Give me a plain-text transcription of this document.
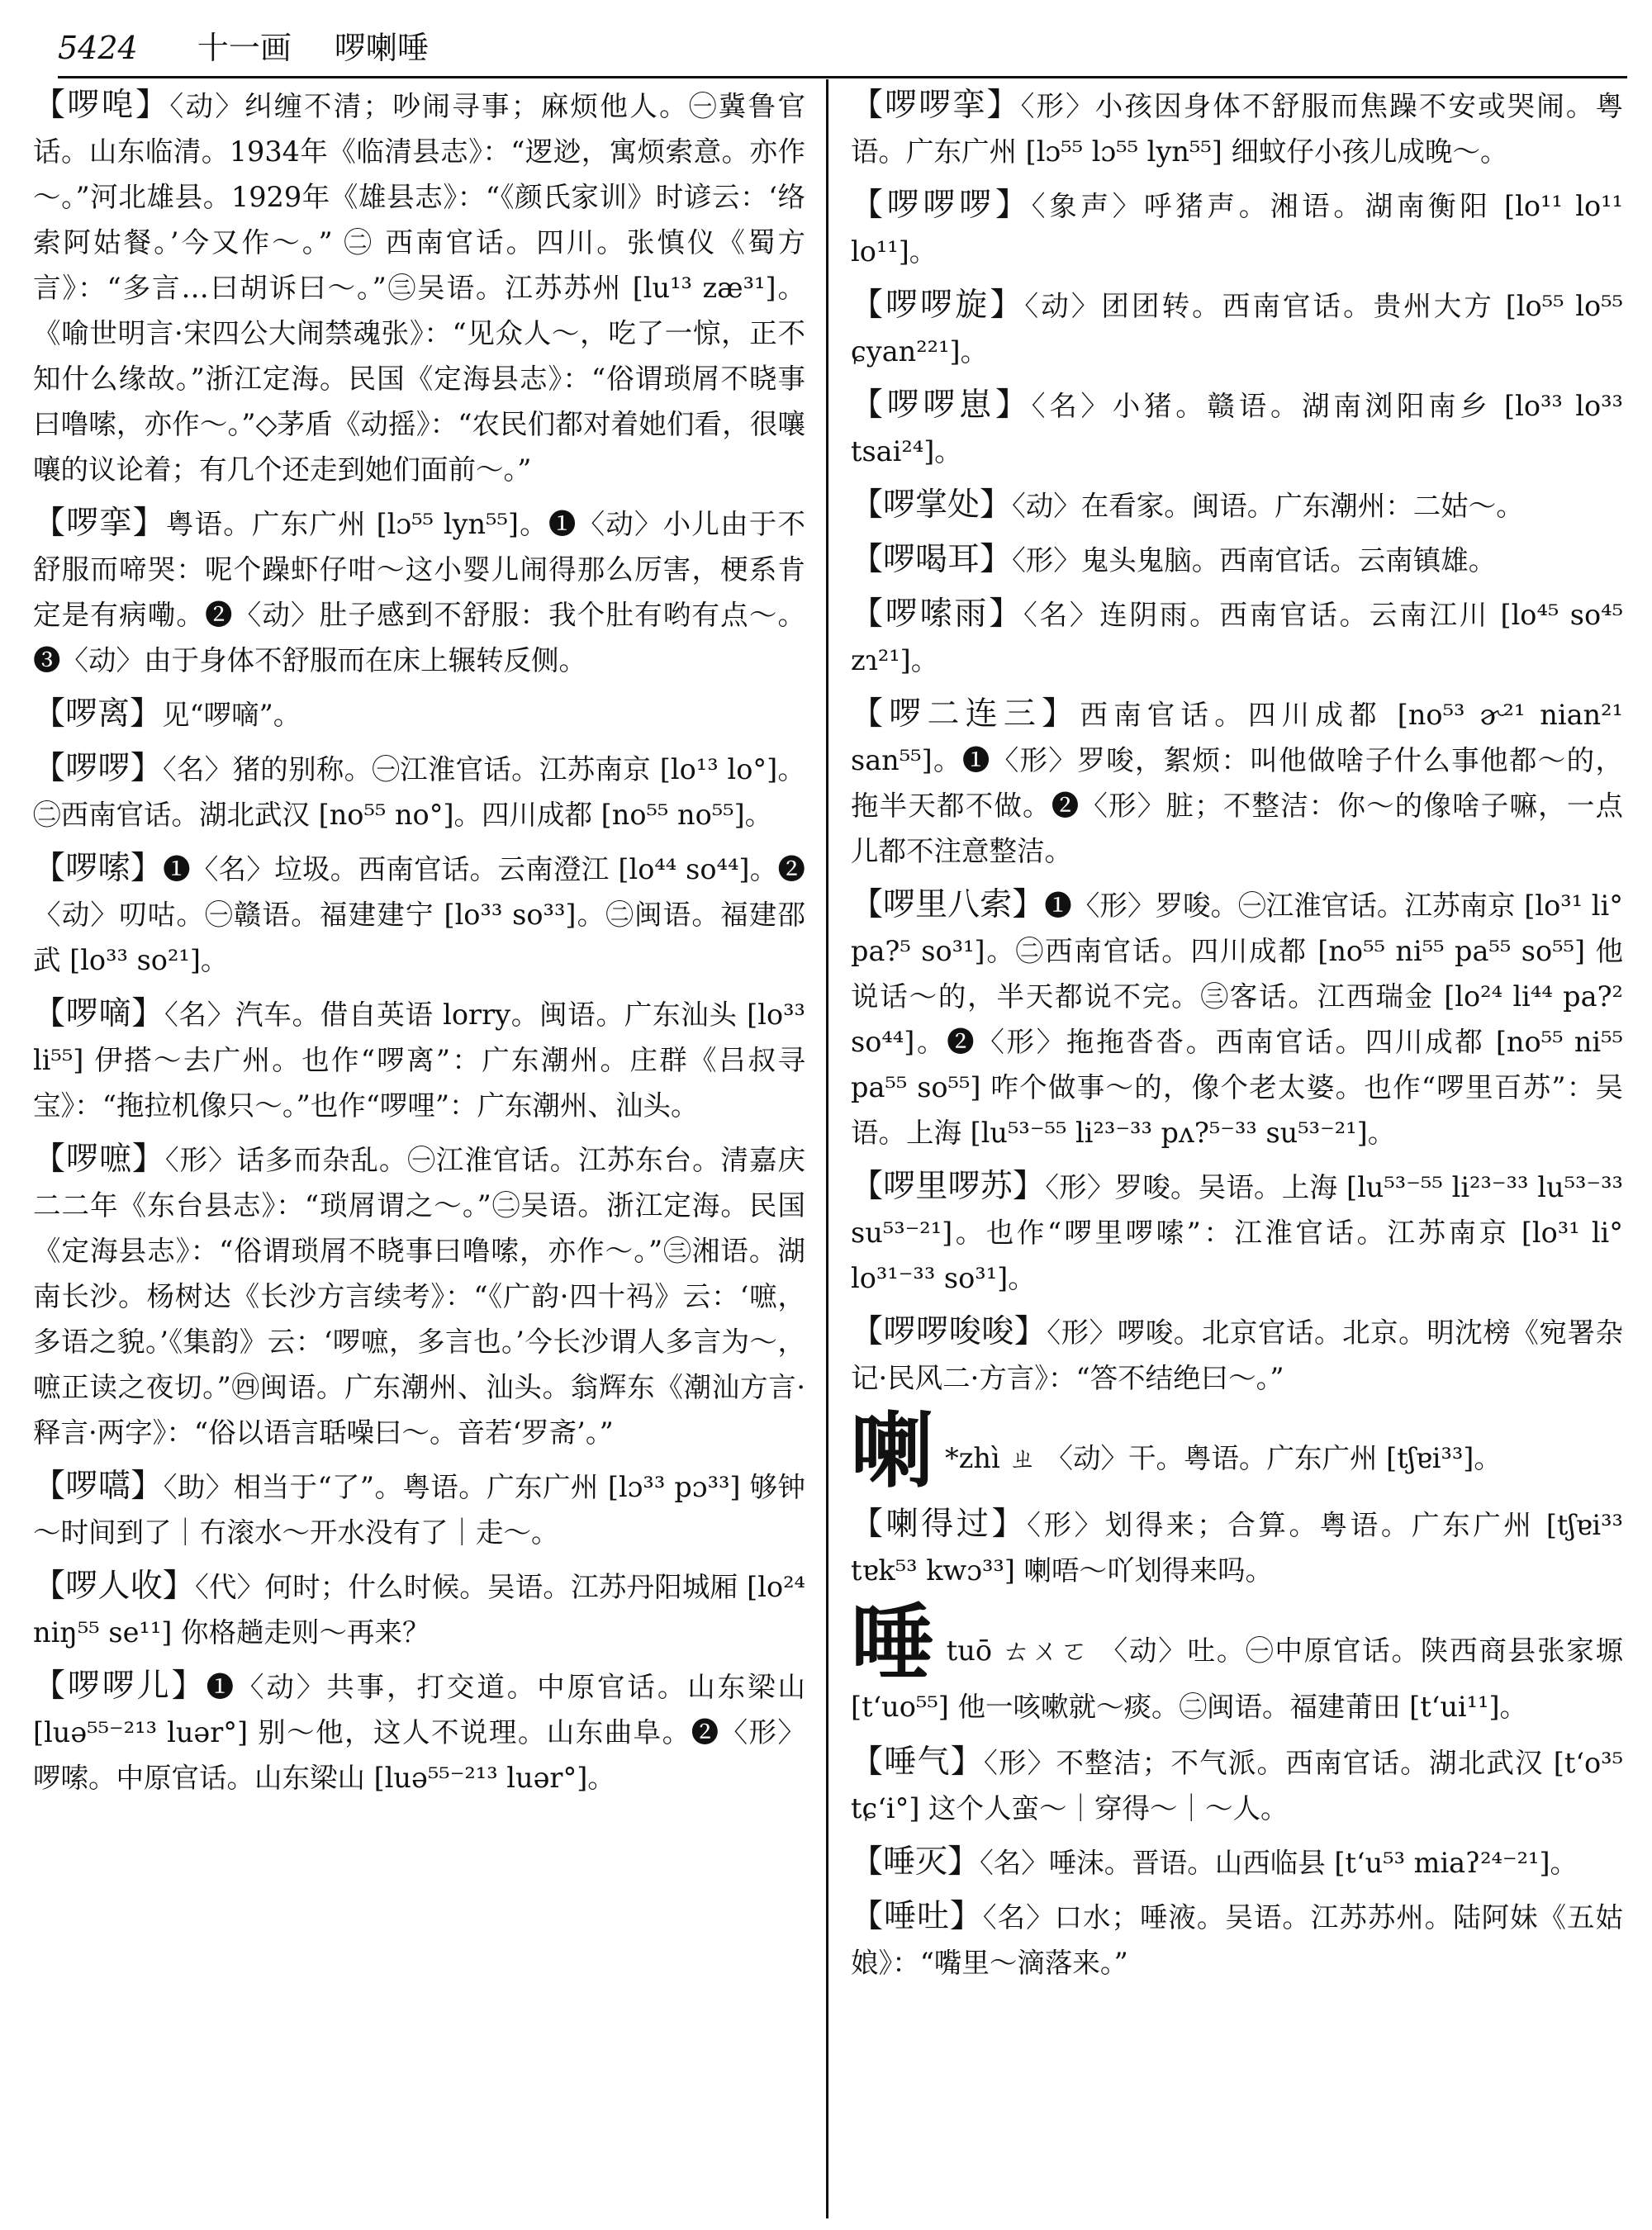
5424 十一画 啰喇唾
【啰唣】〈动〉纠缠不清；吵闹寻事；麻烦他人。㊀冀鲁官话。山东临清。1934年《临清县志》：“逻逤，寓烦索意。亦作～。”河北雄县。1929年《雄县志》：“《颜氏家训》时谚云：‘络索阿姑餐。’今又作～。” ㊁ 西南官话。四川。张慎仪《蜀方言》：“多言…曰胡诉曰～。”㊂吴语。江苏苏州 [lu¹³ zæ³¹]。《喻世明言·宋四公大闹禁魂张》：“见众人～，吃了一惊，正不知什么缘故。”浙江定海。民国《定海县志》：“俗谓琐屑不晓事曰噜嗦，亦作～。”◇茅盾《动摇》：“农民们都对着她们看，很嚷嚷的议论着；有几个还走到她们面前～。”
【啰挛】粤语。广东广州 [lɔ⁵⁵ lyn⁵⁵]。❶〈动〉小儿由于不舒服而啼哭：呢个躁虾仔咁～这小婴儿闹得那么厉害，梗系肯定是有病嘞。❷〈动〉肚子感到不舒服：我个肚有哟有点～。❸〈动〉由于身体不舒服而在床上辗转反侧。
【啰离】见“啰嘀”。
【啰啰】〈名〉猪的别称。㊀江淮官话。江苏南京 [lo¹³ lo°]。㊁西南官话。湖北武汉 [no⁵⁵ no°]。四川成都 [no⁵⁵ no⁵⁵]。
【啰嗦】❶〈名〉垃圾。西南官话。云南澄江 [lo⁴⁴ so⁴⁴]。❷〈动〉叨咕。㊀赣语。福建建宁 [lo³³ so³³]。㊁闽语。福建邵武 [lo³³ so²¹]。
【啰嘀】〈名〉汽车。借自英语 lorry。闽语。广东汕头 [lo³³ li⁵⁵] 伊搭～去广州。也作“啰离”：广东潮州。庄群《吕叔寻宝》：“拖拉机像只～。”也作“啰哩”：广东潮州、汕头。
【啰嗻】〈形〉话多而杂乱。㊀江淮官话。江苏东台。清嘉庆二二年《东台县志》：“琐屑谓之～。”㊁吴语。浙江定海。民国《定海县志》：“俗谓琐屑不晓事曰噜嗦，亦作～。”㊂湘语。湖南长沙。杨树达《长沙方言续考》：“《广韵·四十祃》云：‘嗻，多语之貌。’《集韵》云：‘啰嗻，多言也。’今长沙谓人多言为～，嗻正读之夜切。”㊃闽语。广东潮州、汕头。翁辉东《潮汕方言·释言·两字》：“俗以语言聒噪曰～。音若‘罗斋’。”
【啰嚆】〈助〉相当于“了”。粤语。广东广州 [lɔ³³ pɔ³³] 够钟～时间到了｜冇滚水～开水没有了｜走～。
【啰人收】〈代〉何时；什么时候。吴语。江苏丹阳城厢 [lo²⁴ niŋ⁵⁵ se¹¹] 你格趟走则～再来？
【啰啰儿】❶〈动〉共事，打交道。中原官话。山东梁山 [luə⁵⁵⁻²¹³ luər°] 别～他，这人不说理。山东曲阜。❷〈形〉啰嗦。中原官话。山东梁山 [luə⁵⁵⁻²¹³ luər°]。
【啰啰挛】〈形〉小孩因身体不舒服而焦躁不安或哭闹。粤语。广东广州 [lɔ⁵⁵ lɔ⁵⁵ lyn⁵⁵] 细蚊仔小孩儿成晚～。
【啰啰啰】〈象声〉呼猪声。湘语。湖南衡阳 [lo¹¹ lo¹¹ lo¹¹]。
【啰啰旋】〈动〉团团转。西南官话。贵州大方 [lo⁵⁵ lo⁵⁵ ɕyan²²¹]。
【啰啰崽】〈名〉小猪。赣语。湖南浏阳南乡 [lo³³ lo³³ tsai²⁴]。
【啰掌处】〈动〉在看家。闽语。广东潮州：二姑～。
【啰喝耳】〈形〉鬼头鬼脑。西南官话。云南镇雄。
【啰嗦雨】〈名〉连阴雨。西南官话。云南江川 [lo⁴⁵ so⁴⁵ zɿ²¹]。
【啰二连三】西南官话。四川成都 [no⁵³ ɚ²¹ nian²¹ san⁵⁵]。❶〈形〉罗唆，絮烦：叫他做啥子什么事他都～的，拖半天都不做。❷〈形〉脏；不整洁：你～的像啥子嘛，一点儿都不注意整洁。
【啰里八索】❶〈形〉罗唆。㊀江淮官话。江苏南京 [lo³¹ li° pa?⁵ so³¹]。㊁西南官话。四川成都 [no⁵⁵ ni⁵⁵ pa⁵⁵ so⁵⁵] 他说话～的，半天都说不完。㊂客话。江西瑞金 [lo²⁴ li⁴⁴ pa?² so⁴⁴]。❷〈形〉拖拖沓沓。西南官话。四川成都 [no⁵⁵ ni⁵⁵ pa⁵⁵ so⁵⁵] 咋个做事～的，像个老太婆。也作“啰里百苏”：吴语。上海 [lu⁵³⁻⁵⁵ li²³⁻³³ pʌ?⁵⁻³³ su⁵³⁻²¹]。
【啰里啰苏】〈形〉罗唆。吴语。上海 [lu⁵³⁻⁵⁵ li²³⁻³³ lu⁵³⁻³³ su⁵³⁻²¹]。也作“啰里啰嗦”：江淮官话。江苏南京 [lo³¹ li° lo³¹⁻³³ so³¹]。
【啰啰唆唆】〈形〉啰唆。北京官话。北京。明沈榜《宛署杂记·民风二·方言》：“答不结绝曰～。”
喇 *zhì ㄓ 〈动〉干。粤语。广东广州 [tʃɐi³³]。
【喇得过】〈形〉划得来；合算。粤语。广东广州 [tʃɐi³³ tɐk⁵³ kwɔ³³] 喇唔～吖划得来吗。
唾tuō ㄊㄨㄛ 〈动〉吐。㊀中原官话。陕西商县张家塬 [t‘uo⁵⁵] 他一咳嗽就～痰。㊁闽语。福建莆田 [t‘ui¹¹]。
【唾气】〈形〉不整洁；不气派。西南官话。湖北武汉 [t‘o³⁵ tɕ‘i°] 这个人蛮～｜穿得～｜～人。
【唾灭】〈名〉唾沫。晋语。山西临县 [t‘u⁵³ miaʔ²⁴⁻²¹]。
【唾吐】〈名〉口水；唾液。吴语。江苏苏州。陆阿妹《五姑娘》：“嘴里～滴落来。”
